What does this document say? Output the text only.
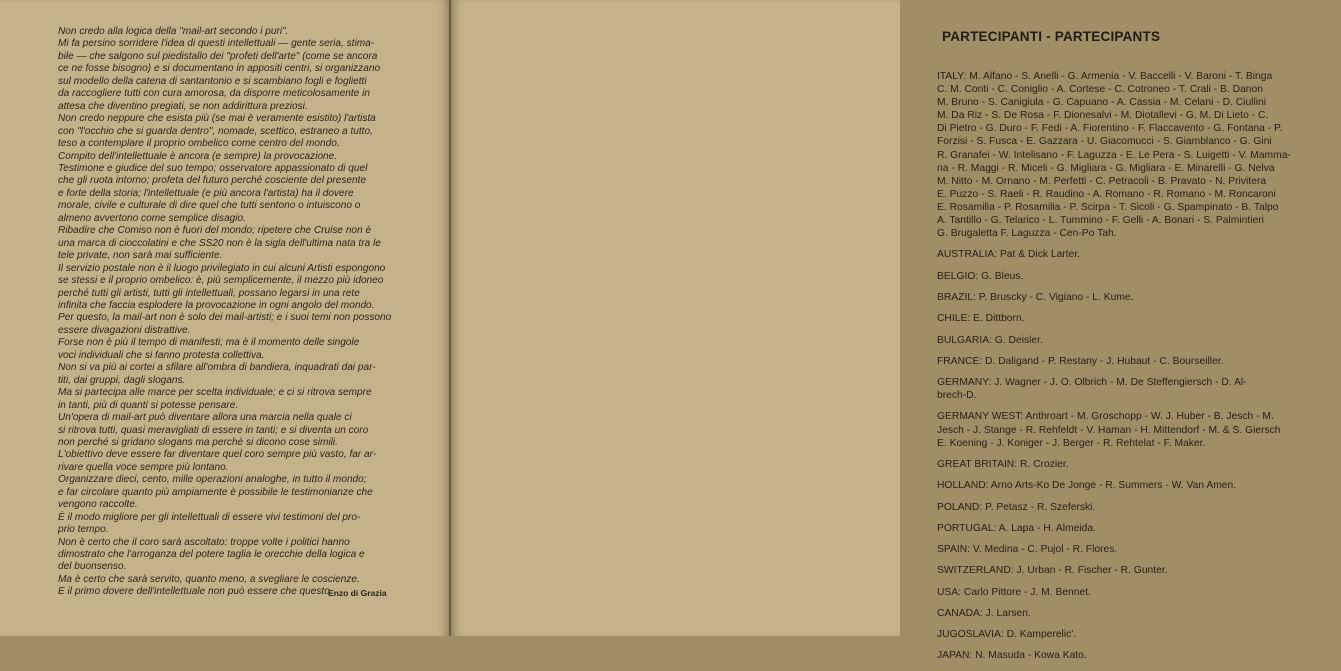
Non credo alla logica della "mail-art secondo i puri".
Mi fa persino sorridere l'idea di questi intellettuali — gente seria, stima-
bile — che salgono sul piedistallo dei "profeti dell'arte" (come se ancora
ce ne fosse bisogno) e si documentano in appositi centri, si organizzano
sul modello della catena di santantonio e si scambiano fogli e foglietti
da raccogliere tutti con cura amorosa, da disporre meticolosamente in
attesa che diventino pregiati, se non addirittura preziosi.
Non credo neppure che esista più (se mai è veramente esistito) l'artista
con "l'occhio che si guarda dentro", nomade, scettico, estraneo a tutto,
teso a contemplare il proprio ombelico come centro del mondo.
Compito dell'intellettuale è ancora (e sempre) la provocazione.
Testimone e giudice del suo tempo; osservatore appassionato di quel
che gli ruota intorno; profeta del futuro perché cosciente del presente
e forte della storia; l'intellettuale (e più ancora l'artista) ha il dovere
morale, civile e culturale di dire quel che tutti sentono o intuiscono o
almeno avvertono come semplice disagio.
Ribadire che Comiso non è fuori del mondo; ripetere che Cruise non è
una marca di cioccolatini e che SS20 non è la sigla dell'ultima nata tra le
tele private, non sarà mai sufficiente.
Il servizio postale non è il luogo privilegiato in cui alcuni Artisti espongono
se stessi e il proprio ombelico: è, più semplicemente, il mezzo più idoneo
perché tutti gli artisti, tutti gli intellettuali, possano legarsi in una rete
infinita che faccia esplodere la provocazione in ogni angolo del mondo.
Per questo, la mail-art non è solo dei mail-artisti; e i suoi temi non possono
essere divagazioni distrattive.
Forse non è più il tempo di manifesti; ma è il momento delle singole
voci individuali che si fanno protesta collettiva.
Non si va più ai cortei a sfilare all'ombra di bandiera, inquadrati dai par-
titi, dai gruppi, dagli slogans.
Ma si partecipa alle marce per scelta individuale; e ci si ritrova sempre
in tanti, più di quanti si potesse pensare.
Un'opera di mail-art può diventare allora una marcia nella quale ci
si ritrova tutti, quasi meravigliati di essere in tanti; e si diventa un coro
non perché si gridano slogans ma perché si dicono cose simili.
L'obiettivo deve essere far diventare quel coro sempre più vasto, far ar-
rivare quella voce sempre più lontano.
Organizzare dieci, cento, mille operazioni analoghe, in tutto il mondo;
e far circolare quanto più ampiamente è possibile le testimonianze che
vengono raccolte.
È il modo migliore per gli intellettuali di essere vivi testimoni del pro-
prio tempo.
Non è certo che il coro sarà ascoltato: troppe volte i politici hanno
dimostrato che l'arroganza del potere taglia le orecchie della logica e
del buonsenso.
Ma è certo che sarà servito, quanto meno, a svegliare le coscienze.
E il primo dovere dell'intellettuale non può essere che questo.
Enzo di Grazia
PARTECIPANTI - PARTECIPANTS
ITALY: M. Alfano - S. Anelli - G. Armenia - V. Baccelli - V. Baroni - T. Binga
C. M. Conti - C. Coniglio - A. Cortese - C. Cotroneo - T. Crali - B. Danon
M. Bruno - S. Canigiula - G. Capuano - A. Cassia - M. Celani - D. Ciullini
M. Da Riz - S. De Rosa - F. Dionesalvi - M. Diotallevi - G. M. Di Lieto - C.
Di Pietro - G. Duro - F. Fedi - A. Fiorentino - F. Flaccavento - G. Fontana - P.
Forzisi - S. Fusca - E. Gazzara - U. Giacomucci - S. Giamblanco - G. Gini
R. Granafei - W. Intelisano - F. Laguzza - E. Le Pera - S. Luigetti - V. Mamma-
na - R. Maggi - R. Miceli - G. Migliara - G. Migliara - E. Minarelli - G. Nelva
M. Nitto - M. Ornano - M. Perfetti - C. Petracoli - B. Pravato - N. Privitera
E. Puzzo - S. Raeli - R. Raudino - A. Romano - R. Romano - M. Roncaroni
E. Rosamilia - P. Rosamilia - P. Scirpa - T. Sicoli - G. Spampinato - B. Talpo
A. Tantillo - G. Telarico - L. Tummino - F. Gelli - A. Bonari - S. Palmintieri
G. Brugaletta F. Laguzza - Cen-Po Tah.
AUSTRALIA: Pat & Dick Larter.
BELGIO: G. Bleus.
BRAZIL: P. Bruscky - C. Vigiano - L. Kume.
CHILE: E. Dittborn.
BULGARIA: G. Deisler.
FRANCE: D. Daligand - P. Restany - J. Hubaut - C. Bourseiller.
GERMANY: J. Wagner - J. O. Olbrich - M. De Steffengiersch - D. Al-
brech-D.
GERMANY WEST: Anthroart - M. Groschopp - W. J. Huber - B. Jesch - M.
Jesch - J. Stange - R. Rehfeldt - V. Haman - H. Mittendorf - M. & S. Giersch
E. Koening - J. Koniger - J. Berger - R. Rehtelat - F. Maker.
GREAT BRITAIN: R. Crozier.
HOLLAND: Arno Arts-Ko De Jonge - R. Summers - W. Van Amen.
POLAND: P. Petasz - R. Szeferski.
PORTUGAL: A. Lapa - H. Almeida.
SPAIN: V. Medina - C. Pujol - R. Flores.
SWITZERLAND: J. Urban - R. Fischer - R. Gunter.
USA: Carlo Pittore - J. M. Bennet.
CANADA: J. Larsen.
JUGOSLAVIA: D. Kamperelic'.
JAPAN: N. Masuda - Kowa Kato.
